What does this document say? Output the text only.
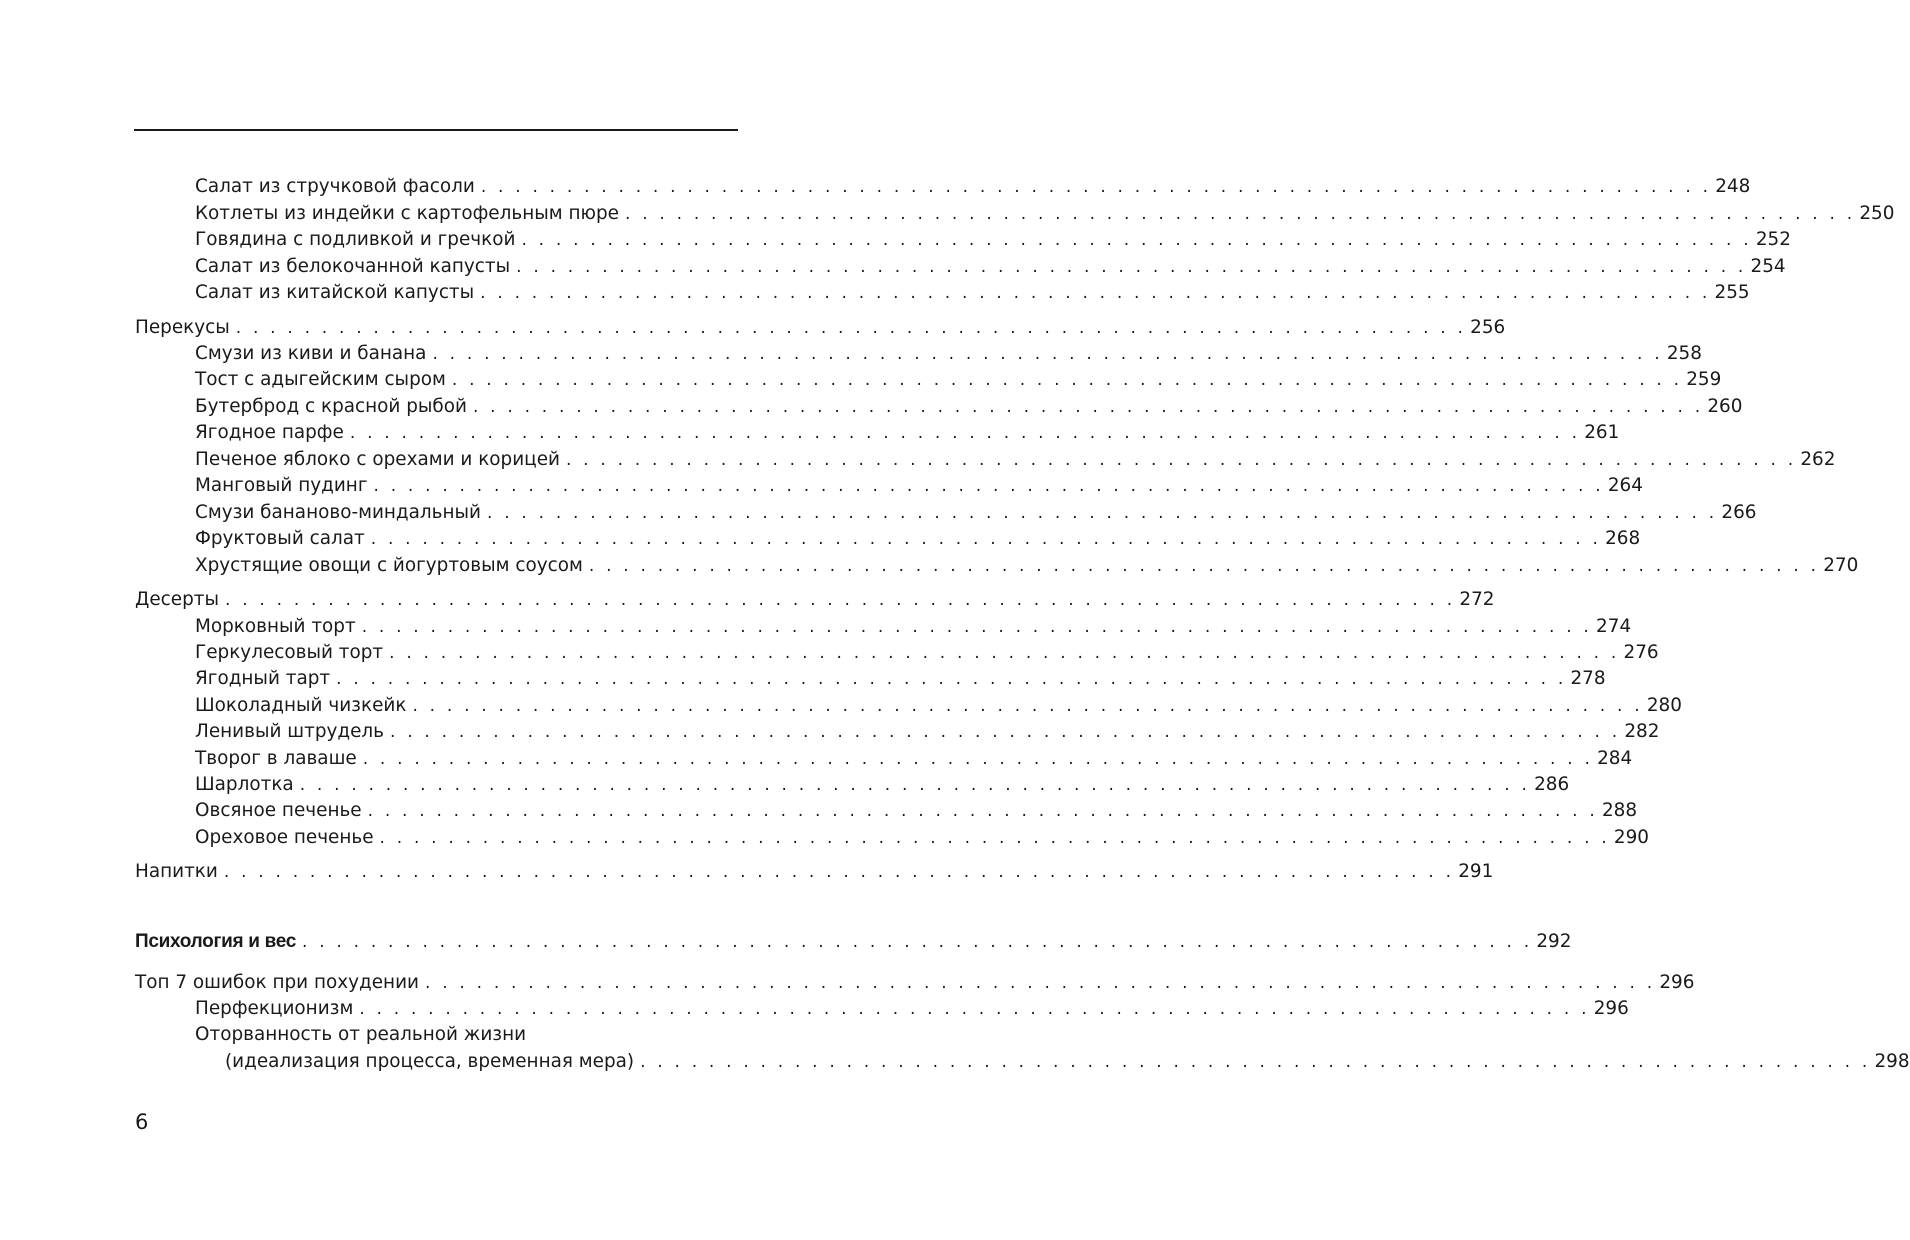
Салат из стручковой фасоли . . . . . . . . . . . . . . . . . . . . . . . . . . . . . . . . . . . . . . . . . . . . . . . . . . . . . . . . . . . . . . . . . . . . . . . . 248
Котлеты из индейки с картофельным пюре . . . . . . . . . . . . . . . . . . . . . . . . . . . . . . . . . . . . . . . . . . . . . . . . . . . . . . . . . . . . . . . . . . . . . . . . 250
Говядина с подливкой и гречкой . . . . . . . . . . . . . . . . . . . . . . . . . . . . . . . . . . . . . . . . . . . . . . . . . . . . . . . . . . . . . . . . . . . . . . . . 252
Салат из белокочанной капусты . . . . . . . . . . . . . . . . . . . . . . . . . . . . . . . . . . . . . . . . . . . . . . . . . . . . . . . . . . . . . . . . . . . . . . . . 254
Салат из китайской капусты . . . . . . . . . . . . . . . . . . . . . . . . . . . . . . . . . . . . . . . . . . . . . . . . . . . . . . . . . . . . . . . . . . . . . . . . 255
Перекусы . . . . . . . . . . . . . . . . . . . . . . . . . . . . . . . . . . . . . . . . . . . . . . . . . . . . . . . . . . . . . . . . . . . . . . . . 256
Смузи из киви и банана . . . . . . . . . . . . . . . . . . . . . . . . . . . . . . . . . . . . . . . . . . . . . . . . . . . . . . . . . . . . . . . . . . . . . . . . 258
Тост с адыгейским сыром . . . . . . . . . . . . . . . . . . . . . . . . . . . . . . . . . . . . . . . . . . . . . . . . . . . . . . . . . . . . . . . . . . . . . . . . 259
Бутерброд с красной рыбой . . . . . . . . . . . . . . . . . . . . . . . . . . . . . . . . . . . . . . . . . . . . . . . . . . . . . . . . . . . . . . . . . . . . . . . . 260
Ягодное парфе . . . . . . . . . . . . . . . . . . . . . . . . . . . . . . . . . . . . . . . . . . . . . . . . . . . . . . . . . . . . . . . . . . . . . . . . 261
Печеное яблоко с орехами и корицей . . . . . . . . . . . . . . . . . . . . . . . . . . . . . . . . . . . . . . . . . . . . . . . . . . . . . . . . . . . . . . . . . . . . . . . . 262
Манговый пудинг . . . . . . . . . . . . . . . . . . . . . . . . . . . . . . . . . . . . . . . . . . . . . . . . . . . . . . . . . . . . . . . . . . . . . . . . 264
Смузи бананово-миндальный . . . . . . . . . . . . . . . . . . . . . . . . . . . . . . . . . . . . . . . . . . . . . . . . . . . . . . . . . . . . . . . . . . . . . . . . 266
Фруктовый салат . . . . . . . . . . . . . . . . . . . . . . . . . . . . . . . . . . . . . . . . . . . . . . . . . . . . . . . . . . . . . . . . . . . . . . . . 268
Хрустящие овощи с йогуртовым соусом . . . . . . . . . . . . . . . . . . . . . . . . . . . . . . . . . . . . . . . . . . . . . . . . . . . . . . . . . . . . . . . . . . . . . . . . 270
Десерты . . . . . . . . . . . . . . . . . . . . . . . . . . . . . . . . . . . . . . . . . . . . . . . . . . . . . . . . . . . . . . . . . . . . . . . . 272
Морковный торт . . . . . . . . . . . . . . . . . . . . . . . . . . . . . . . . . . . . . . . . . . . . . . . . . . . . . . . . . . . . . . . . . . . . . . . . 274
Геркулесовый торт . . . . . . . . . . . . . . . . . . . . . . . . . . . . . . . . . . . . . . . . . . . . . . . . . . . . . . . . . . . . . . . . . . . . . . . . 276
Ягодный тарт . . . . . . . . . . . . . . . . . . . . . . . . . . . . . . . . . . . . . . . . . . . . . . . . . . . . . . . . . . . . . . . . . . . . . . . . 278
Шоколадный чизкейк . . . . . . . . . . . . . . . . . . . . . . . . . . . . . . . . . . . . . . . . . . . . . . . . . . . . . . . . . . . . . . . . . . . . . . . . 280
Ленивый штрудель . . . . . . . . . . . . . . . . . . . . . . . . . . . . . . . . . . . . . . . . . . . . . . . . . . . . . . . . . . . . . . . . . . . . . . . . 282
Творог в лаваше . . . . . . . . . . . . . . . . . . . . . . . . . . . . . . . . . . . . . . . . . . . . . . . . . . . . . . . . . . . . . . . . . . . . . . . . 284
Шарлотка . . . . . . . . . . . . . . . . . . . . . . . . . . . . . . . . . . . . . . . . . . . . . . . . . . . . . . . . . . . . . . . . . . . . . . . . 286
Овсяное печенье . . . . . . . . . . . . . . . . . . . . . . . . . . . . . . . . . . . . . . . . . . . . . . . . . . . . . . . . . . . . . . . . . . . . . . . . 288
Ореховое печенье . . . . . . . . . . . . . . . . . . . . . . . . . . . . . . . . . . . . . . . . . . . . . . . . . . . . . . . . . . . . . . . . . . . . . . . . 290
Напитки . . . . . . . . . . . . . . . . . . . . . . . . . . . . . . . . . . . . . . . . . . . . . . . . . . . . . . . . . . . . . . . . . . . . . . . . 291
Психология и вес . . . . . . . . . . . . . . . . . . . . . . . . . . . . . . . . . . . . . . . . . . . . . . . . . . . . . . . . . . . . . . . . . . . . . . . . 292
Топ 7 ошибок при похудении . . . . . . . . . . . . . . . . . . . . . . . . . . . . . . . . . . . . . . . . . . . . . . . . . . . . . . . . . . . . . . . . . . . . . . . . 296
Перфекционизм . . . . . . . . . . . . . . . . . . . . . . . . . . . . . . . . . . . . . . . . . . . . . . . . . . . . . . . . . . . . . . . . . . . . . . . . 296
Оторванность от реальной жизни
(идеализация процесса, временная мера) . . . . . . . . . . . . . . . . . . . . . . . . . . . . . . . . . . . . . . . . . . . . . . . . . . . . . . . . . . . . . . . . . . . . . . . . 298
6
